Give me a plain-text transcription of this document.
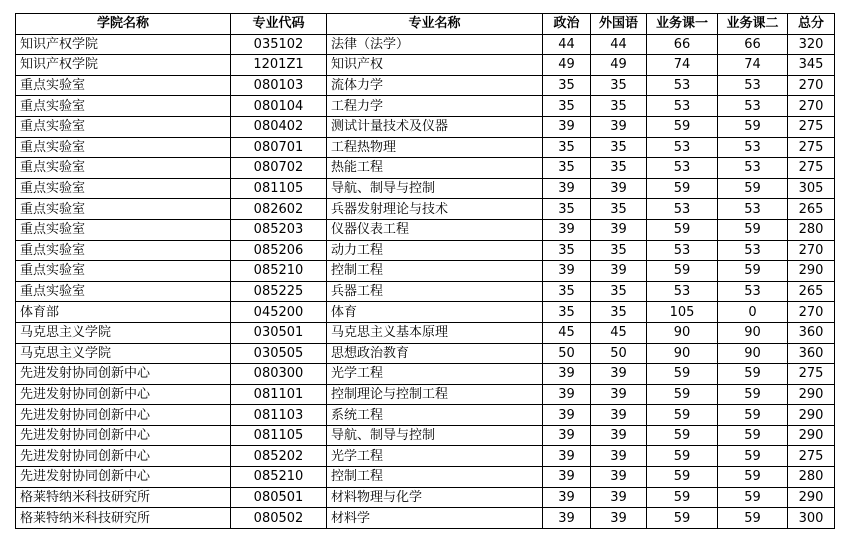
学院名称	专业代码	专业名称	政治	外国语	业务课一	业务课二	总分
知识产权学院	035102	法律（法学）	44	44	66	66	320
知识产权学院	1201Z1	知识产权	49	49	74	74	345
重点实验室	080103	流体力学	35	35	53	53	270
重点实验室	080104	工程力学	35	35	53	53	270
重点实验室	080402	测试计量技术及仪器	39	39	59	59	275
重点实验室	080701	工程热物理	35	35	53	53	275
重点实验室	080702	热能工程	35	35	53	53	275
重点实验室	081105	导航、制导与控制	39	39	59	59	305
重点实验室	082602	兵器发射理论与技术	35	35	53	53	265
重点实验室	085203	仪器仪表工程	39	39	59	59	280
重点实验室	085206	动力工程	35	35	53	53	270
重点实验室	085210	控制工程	39	39	59	59	290
重点实验室	085225	兵器工程	35	35	53	53	265
体育部	045200	体育	35	35	105	0	270
马克思主义学院	030501	马克思主义基本原理	45	45	90	90	360
马克思主义学院	030505	思想政治教育	50	50	90	90	360
先进发射协同创新中心	080300	光学工程	39	39	59	59	275
先进发射协同创新中心	081101	控制理论与控制工程	39	39	59	59	290
先进发射协同创新中心	081103	系统工程	39	39	59	59	290
先进发射协同创新中心	081105	导航、制导与控制	39	39	59	59	290
先进发射协同创新中心	085202	光学工程	39	39	59	59	275
先进发射协同创新中心	085210	控制工程	39	39	59	59	280
格莱特纳米科技研究所	080501	材料物理与化学	39	39	59	59	290
格莱特纳米科技研究所	080502	材料学	39	39	59	59	300
